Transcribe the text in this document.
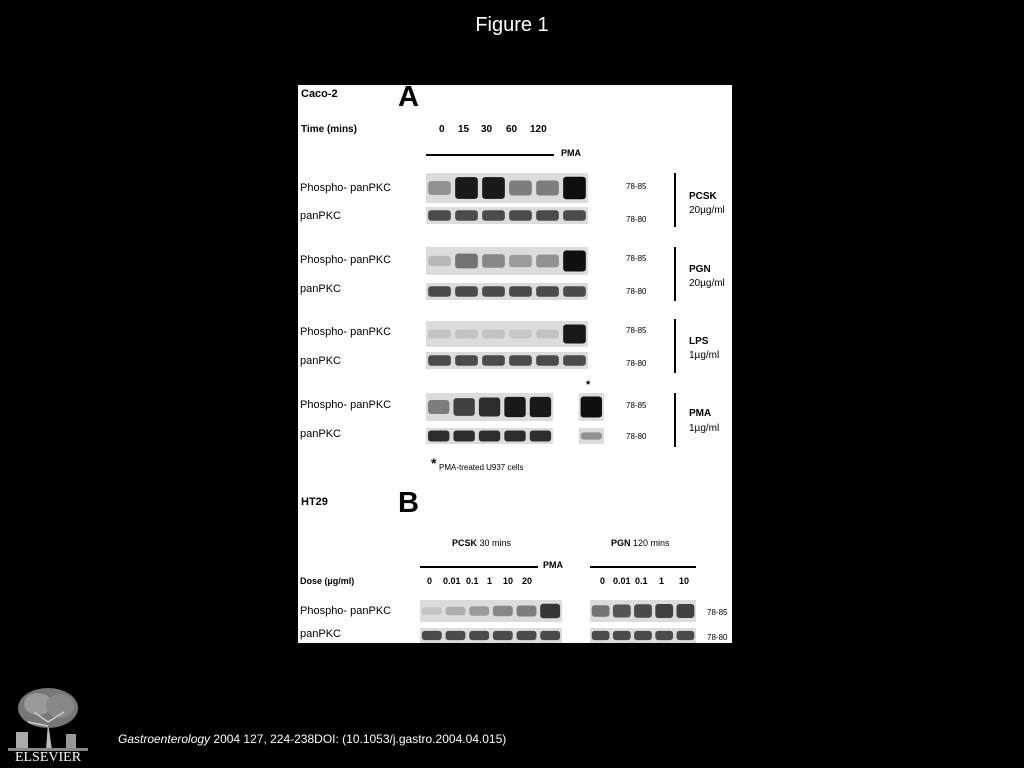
Figure 1
Caco-2 A
Time (mins)	0 15 30 60 120
PMA
Phospho- panPKC
panPKC
78-85
78-80
PCSK
20µg/ml
Phospho- panPKC
panPKC
78-85
78-80
PGN
20µg/ml
Phospho- panPKC
panPKC
78-85
78-80
LPS
1µg/ml
*
Phospho- panPKC
panPKC
78-85
78-80
PMA
1µg/ml
* PMA-treated U937 cells
HT29 B
PCSK 30 mins	PGN 120 mins
PMA
Dose (µg/ml)	0 0.01 0.1 1 10 20	0 0.01 0.1 1 10
Phospho- panPKC
panPKC
78-85
78-80
ELSEVIER
Gastroenterology 2004 127, 224-238DOI: (10.1053/j.gastro.2004.04.015)
